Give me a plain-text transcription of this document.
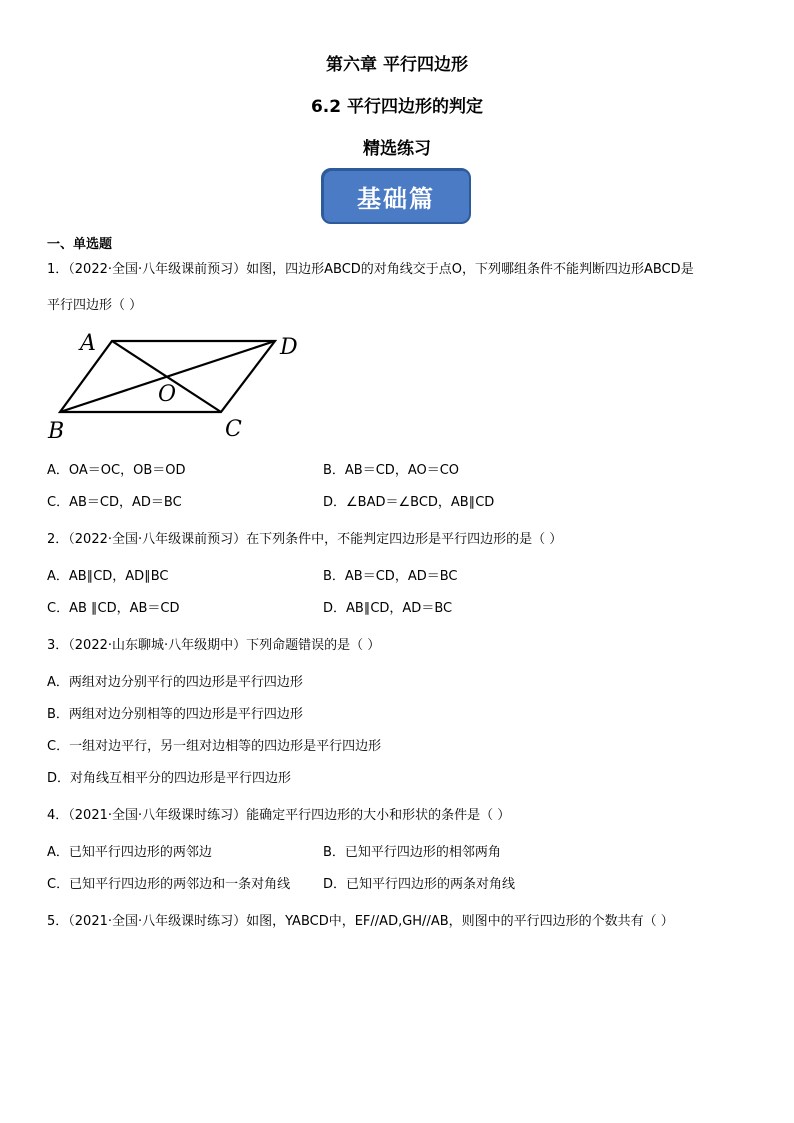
第六章 平行四边形
6.2 平行四边形的判定
精选练习
基础篇
一、单选题
1．（2022·全国·八年级课前预习）如图，四边形ABCD的对角线交于点O，下列哪组条件不能判断四边形ABCD是
平行四边形（ ）
A	D
O
B	C
A．OA＝OC，OB＝OD	B．AB＝CD，AO＝CO
C．AB＝CD，AD＝BC	D．∠BAD＝∠BCD，AB∥CD
2．（2022·全国·八年级课前预习）在下列条件中，不能判定四边形是平行四边形的是（ ）
A．AB∥CD，AD∥BC	B．AB＝CD，AD＝BC
C．AB ∥CD，AB＝CD	D．AB∥CD，AD＝BC
3．（2022·山东聊城·八年级期中）下列命题错误的是（ ）
A．两组对边分别平行的四边形是平行四边形
B．两组对边分别相等的四边形是平行四边形
C．一组对边平行，另一组对边相等的四边形是平行四边形
D．对角线互相平分的四边形是平行四边形
4．（2021·全国·八年级课时练习）能确定平行四边形的大小和形状的条件是（ ）
A．已知平行四边形的两邻边	B．已知平行四边形的相邻两角
C．已知平行四边形的两邻边和一条对角线	D．已知平行四边形的两条对角线
5．（2021·全国·八年级课时练习）如图，YABCD中，EF//AD,GH//AB，则图中的平行四边形的个数共有（ ）
